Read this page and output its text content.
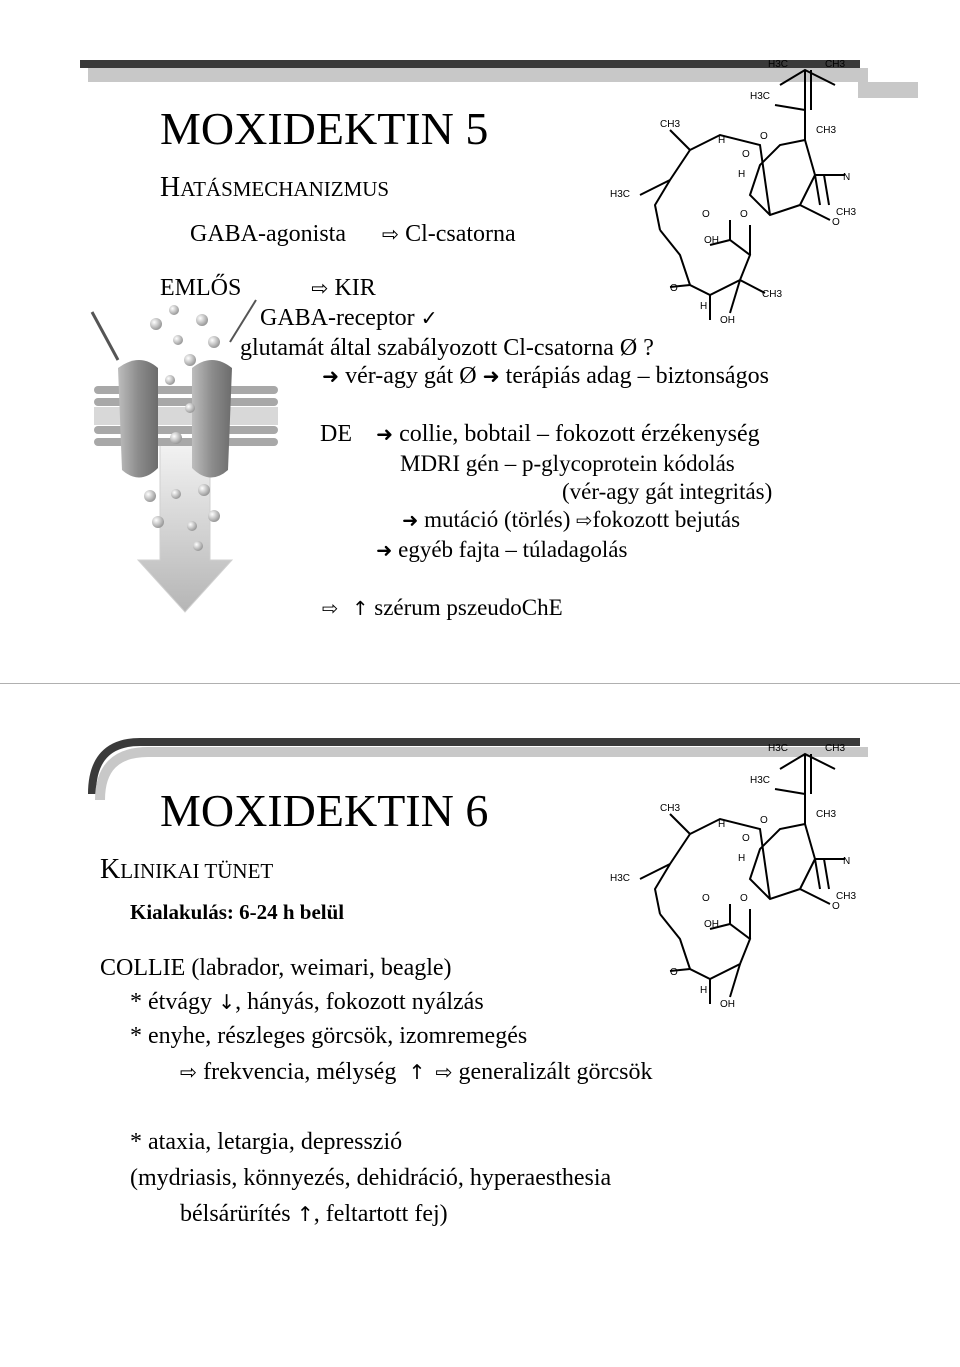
MOXIDEKTIN 5
HATÁSMECHANIZMUS
GABA-agonista ⇨ Cl-csatorna
EMLŐS	⇨ KIR
GABA-receptor ✓
glutamát által szabályozott Cl-csatorna Ø ?
➜ vér-agy gát Ø ➜ terápiás adag – biztonságos
DE ➜ collie, bobtail – fokozott érzékenység
MDRI gén – p-glycoprotein kódolás
(vér-agy gát integritás)
➜ mutáció (törlés) ⇨fokozott bejutás
➜ egyéb fajta – túladagolás
⇨ ↑ szérum pszeudoChE
H3C	CH3
H3C
CH3
CH3
H3C
H
O
O
N
O
CH3
O	O
OH
O
CH3
OH
H
H
MOXIDEKTIN 6
KLINIKAI TÜNET
Kialakulás: 6-24 h belül
COLLIE (labrador, weimari, beagle)
* étvágy ↓, hányás, fokozott nyálzás
* enyhe, részleges görcsök, izomremegés
⇨ frekvencia, mélység ↑ ⇨ generalizált görcsök
* ataxia, letargia, depresszió
(mydriasis, könnyezés, dehidráció, hyperaesthesia
bélsárürítés ↑, feltartott fej)
H3C	CH3
H3C
CH3
CH3
H3C
H
O
O
N
O
CH3
O	O
OH
O
OH
H
H
